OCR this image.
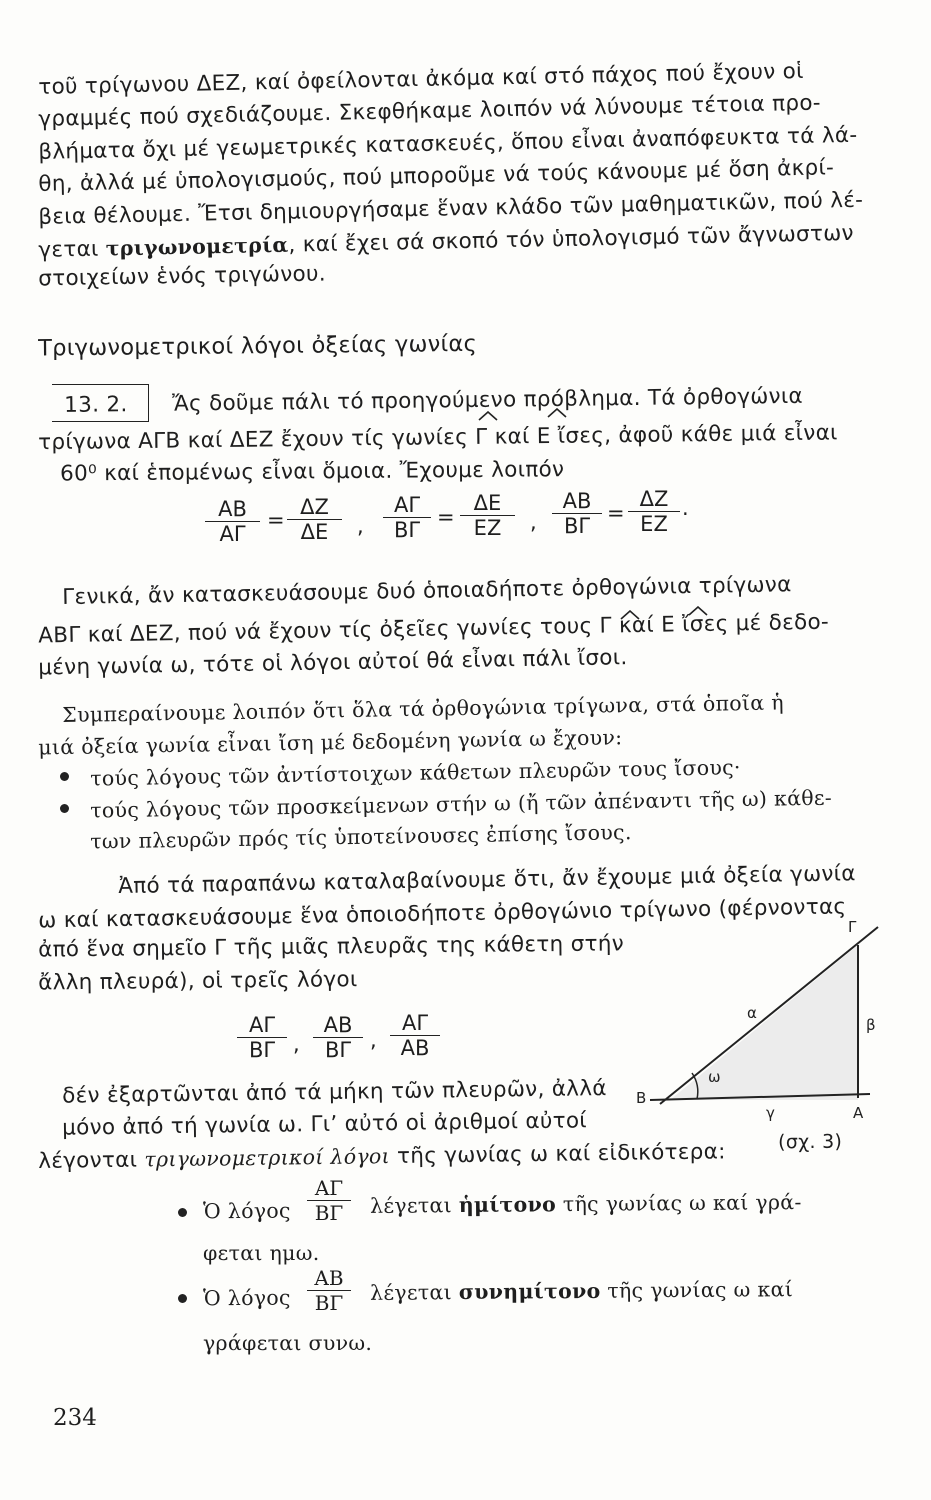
τοῦ τρίγωνου ΔΕΖ, καί ὀφείλονται ἀκόμα καί στό πάχος πού ἔχουν οἱ
γραμμές πού σχεδιάζουμε. Σκεφθήκαμε λοιπόν νά λύνουμε τέτοια προ-
βλήματα ὄχι μέ γεωμετρικές κατασκευές, ὅπου εἶναι ἀναπόφευκτα τά λά-
θη, ἀλλά μέ ὑπολογισμούς, πού μποροῦμε νά τούς κάνουμε μέ ὅση ἀκρί-
βεια θέλουμε. Ἔτσι δημιουργήσαμε ἕναν κλάδο τῶν μαθηματικῶν, πού λέ-
γεται τριγωνομετρία, καί ἔχει σά σκοπό τόν ὑπολογισμό τῶν ἄγνωστων
στοιχείων ἑνός τριγώνου.
Τριγωνομετρικοί λόγοι ὀξείας γωνίας
13. 2. Ἄς δοῦμε πάλι τό προηγούμενο πρόβλημα. Τά ὀρθογώνια
τρίγωνα ΑΓΒ καί ΔΕΖ ἔχουν τίς γωνίες Γ καί Ε ἴσες, ἀφοῦ κάθε μιά εἶναι
60⁰ καί ἑπομένως εἶναι ὅμοια. Ἔχουμε λοιπόν
$\frac{AB}{A\Gamma} = \frac{\Delta Z}{\Delta E}$ , $\frac{A\Gamma}{B\Gamma} = \frac{\Delta E}{EZ}$ , $\frac{AB}{B\Gamma} = \frac{\Delta Z}{EZ}$ .
Γενικά, ἄν κατασκευάσουμε δυό ὁποιαδήποτε ὀρθογώνια τρίγωνα
ΑΒΓ καί ΔΕΖ, πού νά ἔχουν τίς ὀξεῖες γωνίες τους Γ καί Ε ἴσες μέ δεδο-
μένη γωνία ω, τότε οἱ λόγοι αὐτοί θά εἶναι πάλι ἴσοι.
Συμπεραίνουμε λοιπόν ὅτι ὅλα τά ὀρθογώνια τρίγωνα, στά ὁποῖα ἡ
μιά ὀξεία γωνία εἶναι ἴση μέ δεδομένη γωνία ω ἔχουν:
τούς λόγους τῶν ἀντίστοιχων κάθετων πλευρῶν τους ἴσους·
τούς λόγους τῶν προσκείμενων στήν ω (ἤ τῶν ἀπέναντι τῆς ω) κάθε-
των πλευρῶν πρός τίς ὑποτείνουσες ἐπίσης ἴσους.
Ἀπό τά παραπάνω καταλαβαίνουμε ὅτι, ἄν ἔχουμε μιά ὀξεία γωνία
ω καί κατασκευάσουμε ἕνα ὁποιοδήποτε ὀρθογώνιο τρίγωνο (φέρνοντας
ἀπό ἕνα σημεῖο Γ τῆς μιᾶς πλευρᾶς της κάθετη στήν
ἄλλη πλευρά), οἱ τρεῖς λόγοι
$\frac{A\Gamma}{B\Gamma}$ , $\frac{AB}{B\Gamma}$ , $\frac{A\Gamma}{AB}$
δέν ἐξαρτῶνται ἀπό τά μήκη τῶν πλευρῶν, ἀλλά
μόνο ἀπό τή γωνία ω. Γι’ αὐτό οἱ ἀριθμοί αὐτοί
λέγονται τριγωνομετρικοί λόγοι τῆς γωνίας ω καί εἰδικότερα:
Γ
α
β
ω
Β
γ	Α
(σχ. 3)
Ὁ λόγος $\frac{A\Gamma}{B\Gamma}$ λέγεται ἡμίτονο τῆς γωνίας ω καί γρά-
φεται ημω.
Ὁ λόγος $\frac{AB}{B\Gamma}$ λέγεται συνημίτονο τῆς γωνίας ω καί
γράφεται συνω.
234
